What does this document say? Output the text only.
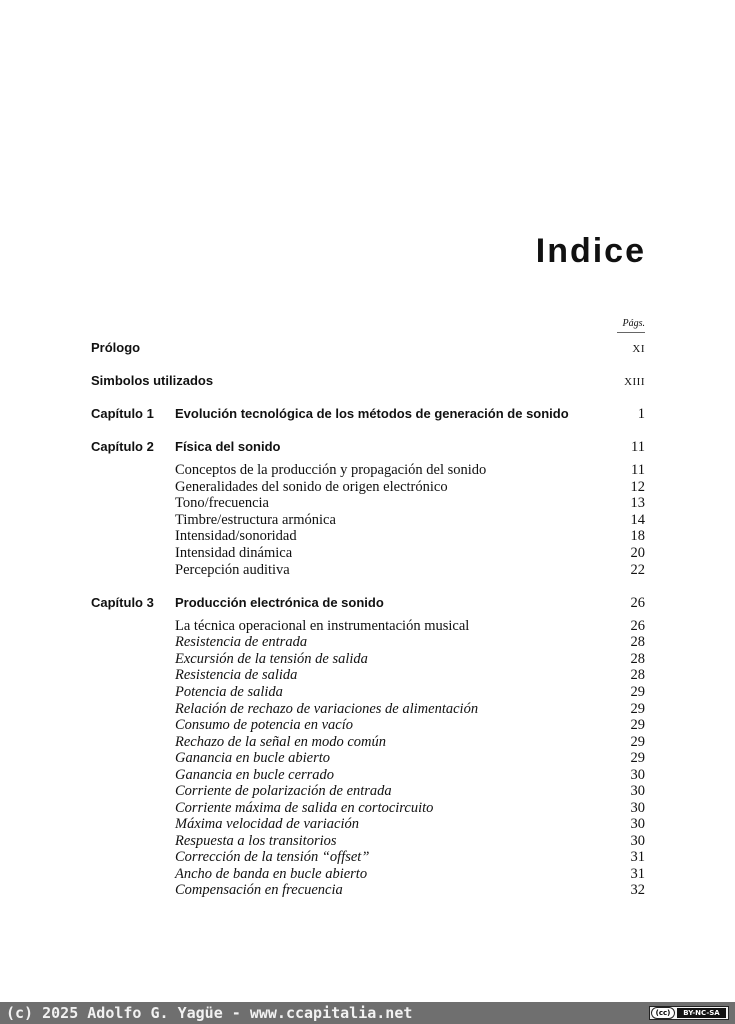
Indice
Págs.
Prólogo	XI
Simbolos utilizados	XIII
Capítulo 1 Evolución tecnológica de los métodos de generación de sonido	1
Capítulo 2 Física del sonido	11
Conceptos de la producción y propagación del sonido	11
Generalidades del sonido de origen electrónico	12
Tono/frecuencia	13
Timbre/estructura armónica	14
Intensidad/sonoridad	18
Intensidad dinámica	20
Percepción auditiva	22
Capítulo 3 Producción electrónica de sonido	26
La técnica operacional en instrumentación musical	26
Resistencia de entrada	28
Excursión de la tensión de salida	28
Resistencia de salida	28
Potencia de salida	29
Relación de rechazo de variaciones de alimentación	29
Consumo de potencia en vacío	29
Rechazo de la señal en modo común	29
Ganancia en bucle abierto	29
Ganancia en bucle cerrado	30
Corriente de polarización de entrada	30
Corriente máxima de salida en cortocircuito	30
Máxima velocidad de variación	30
Respuesta a los transitorios	30
Corrección de la tensión “offset”	31
Ancho de banda en bucle abierto	31
Compensación en frecuencia	32
(c) 2025 Adolfo G. Yagüe - www.ccapitalia.net	(cc)	BY-NC-SA
